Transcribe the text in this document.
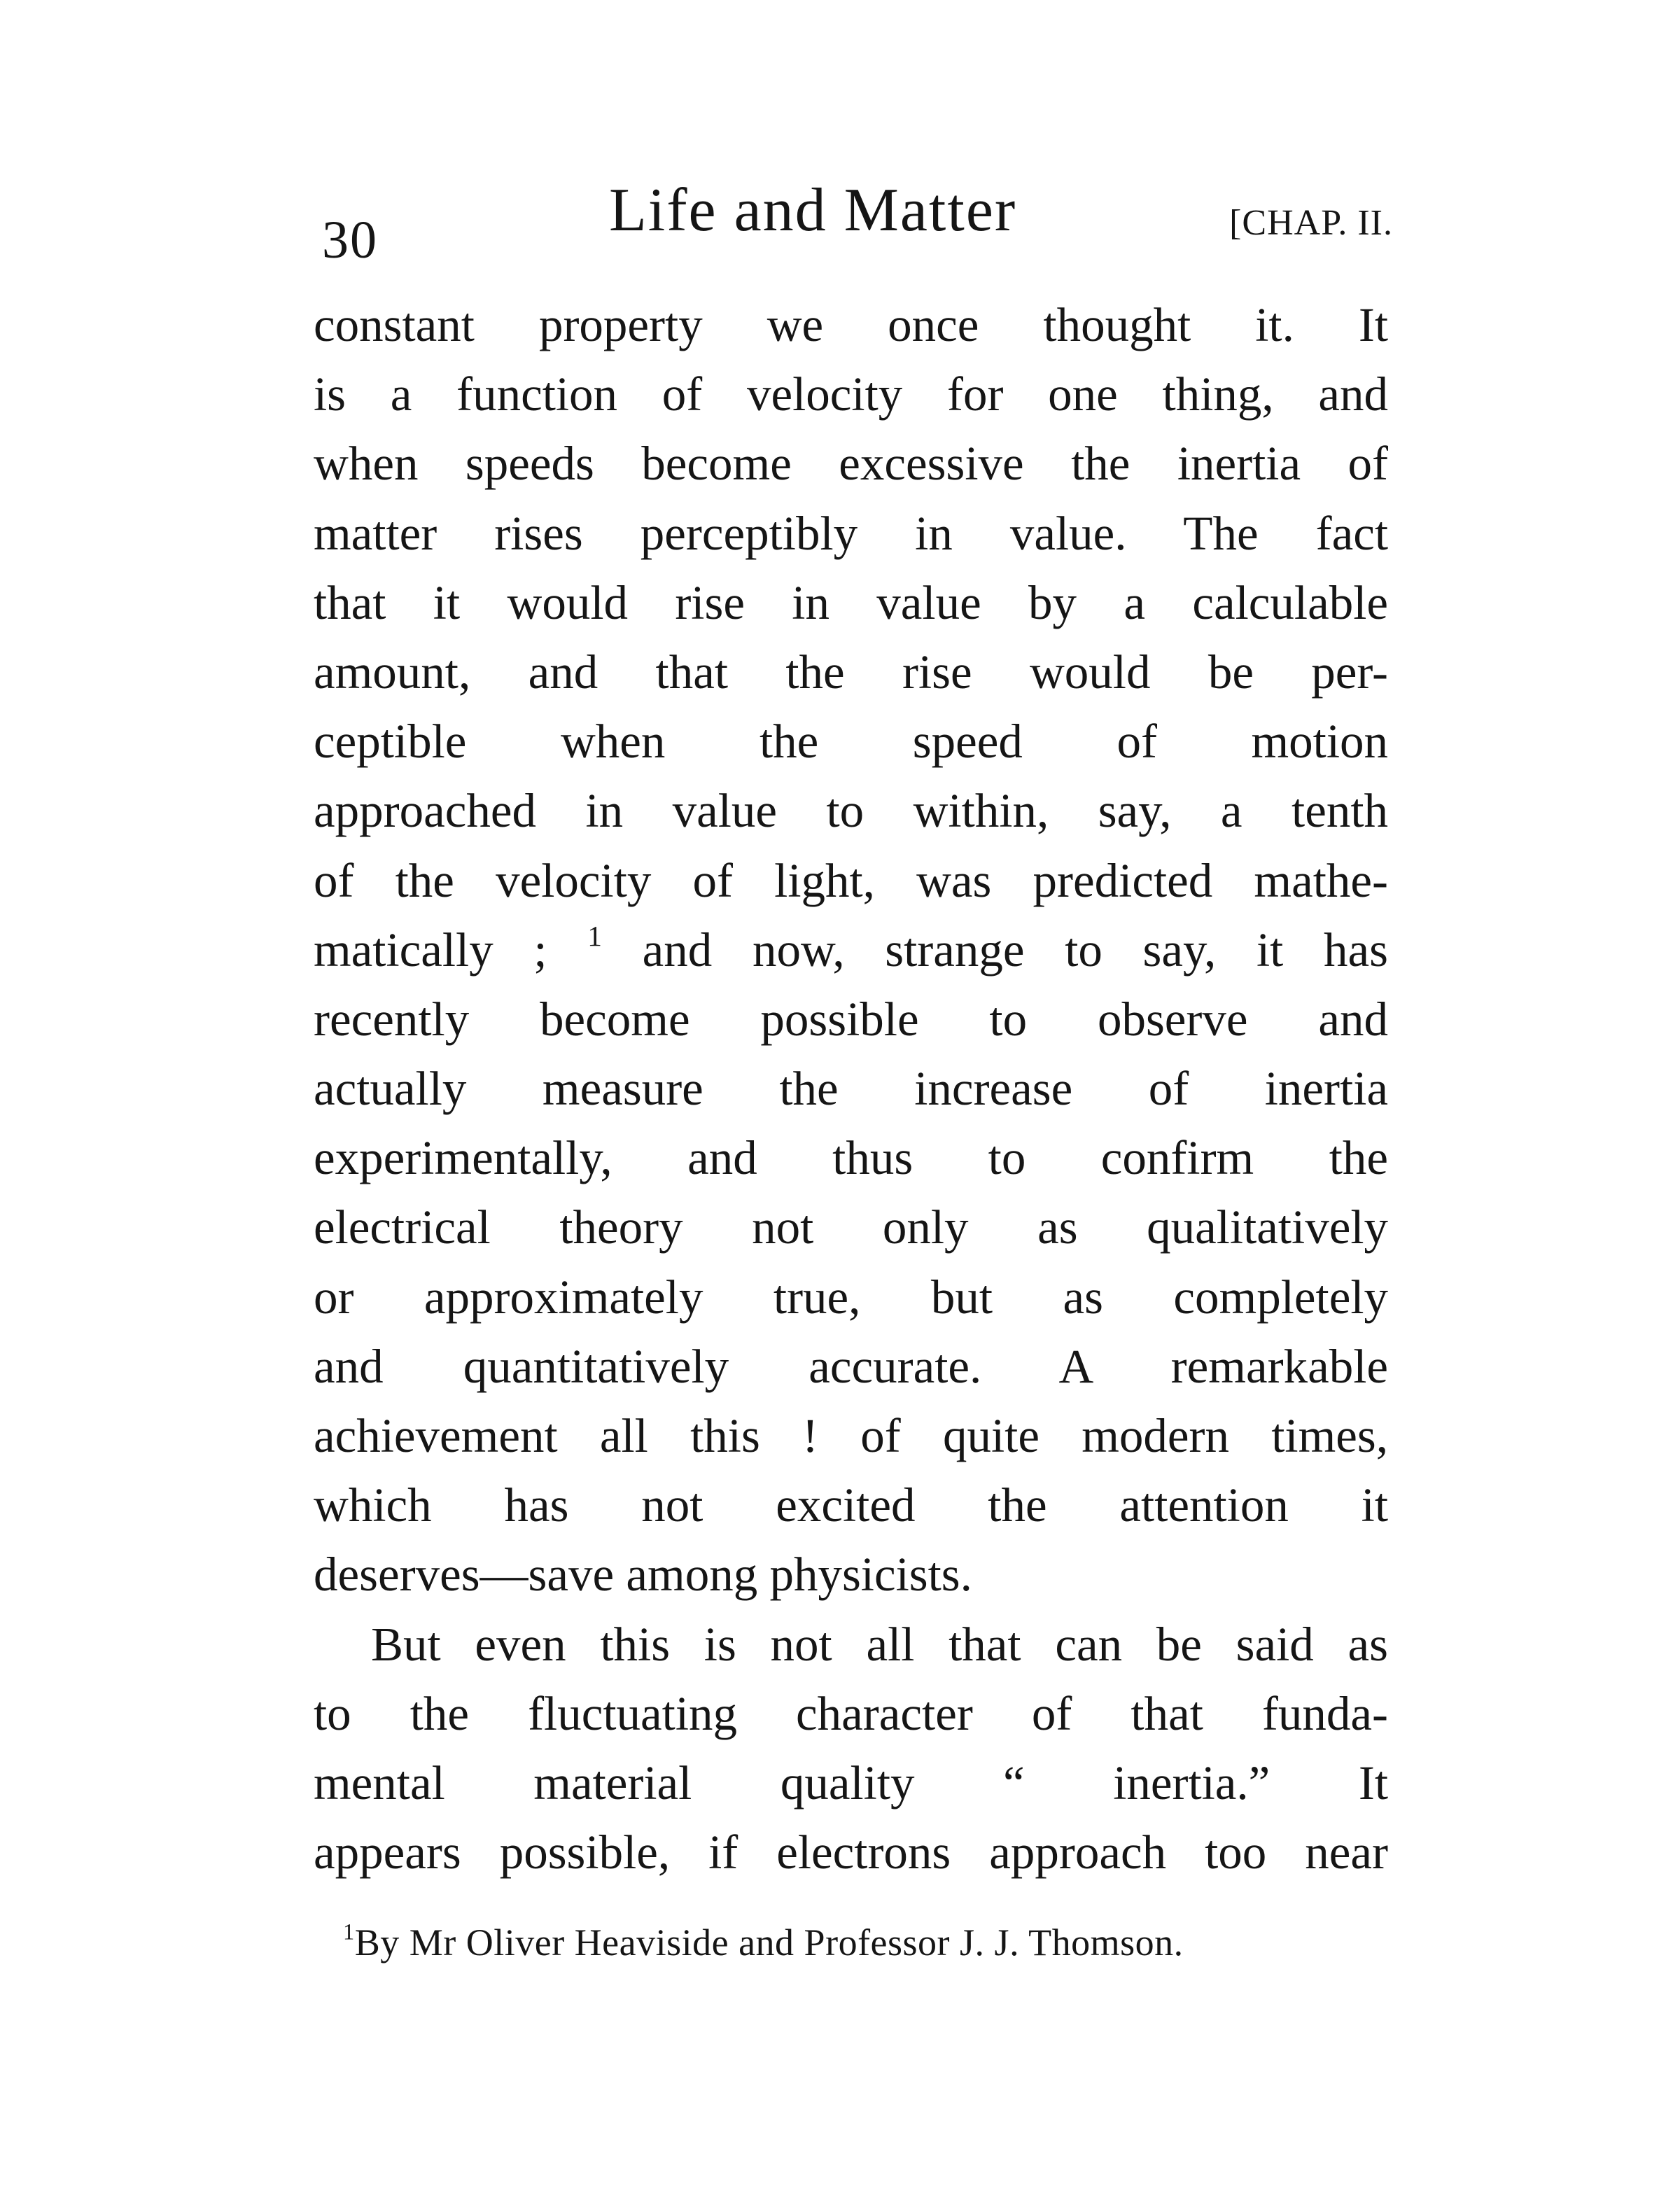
30	Life and Matter	[CHAP. II.
constant property we once thought it. It
is a function of velocity for one thing, and
when speeds become excessive the inertia of
matter rises perceptibly in value. The fact
that it would rise in value by a calculable
amount, and that the rise would be per-
ceptible when the speed of motion
approached in value to within, say, a tenth
of the velocity of light, was predicted mathe-
matically ; $^1$ and now, strange to say, it has
recently become possible to observe and
actually measure the increase of inertia
experimentally, and thus to confirm the
electrical theory not only as qualitatively
or approximately true, but as completely
and quantitatively accurate. A remarkable
achievement all this ! of quite modern times,
which has not excited the attention it
deserves—save among physicists.
But even this is not all that can be said as
to the fluctuating character of that funda-
mental material quality “ inertia.” It
appears possible, if electrons approach too near
$^1$By Mr Oliver Heaviside and Professor J. J. Thomson.
